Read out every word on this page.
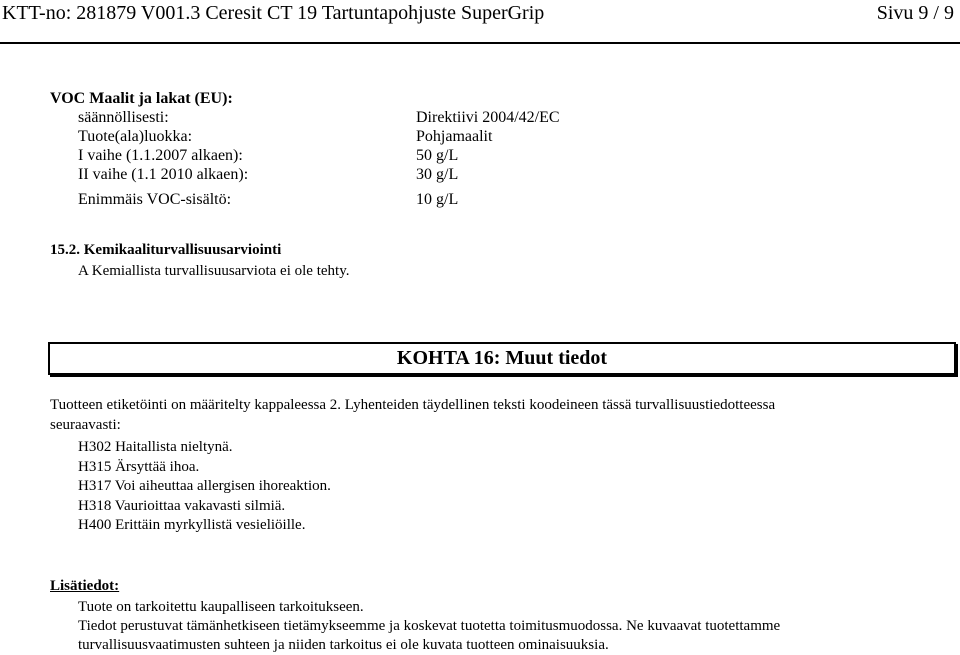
KTT-no: 281879 V001.3 Ceresit CT 19 Tartuntapohjuste SuperGrip	Sivu 9 / 9
VOC Maalit ja lakat (EU):
säännöllisesti:	Direktiivi 2004/42/EC
Tuote(ala)luokka:	Pohjamaalit
I vaihe (1.1.2007 alkaen):	50 g/L
II vaihe (1.1 2010 alkaen):	30 g/L
Enimmäis VOC-sisältö:	10 g/L
15.2. Kemikaaliturvallisuusarviointi
A Kemiallista turvallisuusarviota ei ole tehty.
KOHTA 16: Muut tiedot
Tuotteen etiketöinti on määritelty kappaleessa 2. Lyhenteiden täydellinen teksti koodeineen tässä turvallisuustiedotteessa
seuraavasti:
H302 Haitallista nieltynä.
H315 Ärsyttää ihoa.
H317 Voi aiheuttaa allergisen ihoreaktion.
H318 Vaurioittaa vakavasti silmiä.
H400 Erittäin myrkyllistä vesieliöille.
Lisätiedot:
Tuote on tarkoitettu kaupalliseen tarkoitukseen.
Tiedot perustuvat tämänhetkiseen tietämykseemme ja koskevat tuotetta toimitusmuodossa. Ne kuvaavat tuotettamme
turvallisuusvaatimusten suhteen ja niiden tarkoitus ei ole kuvata tuotteen ominaisuuksia.
